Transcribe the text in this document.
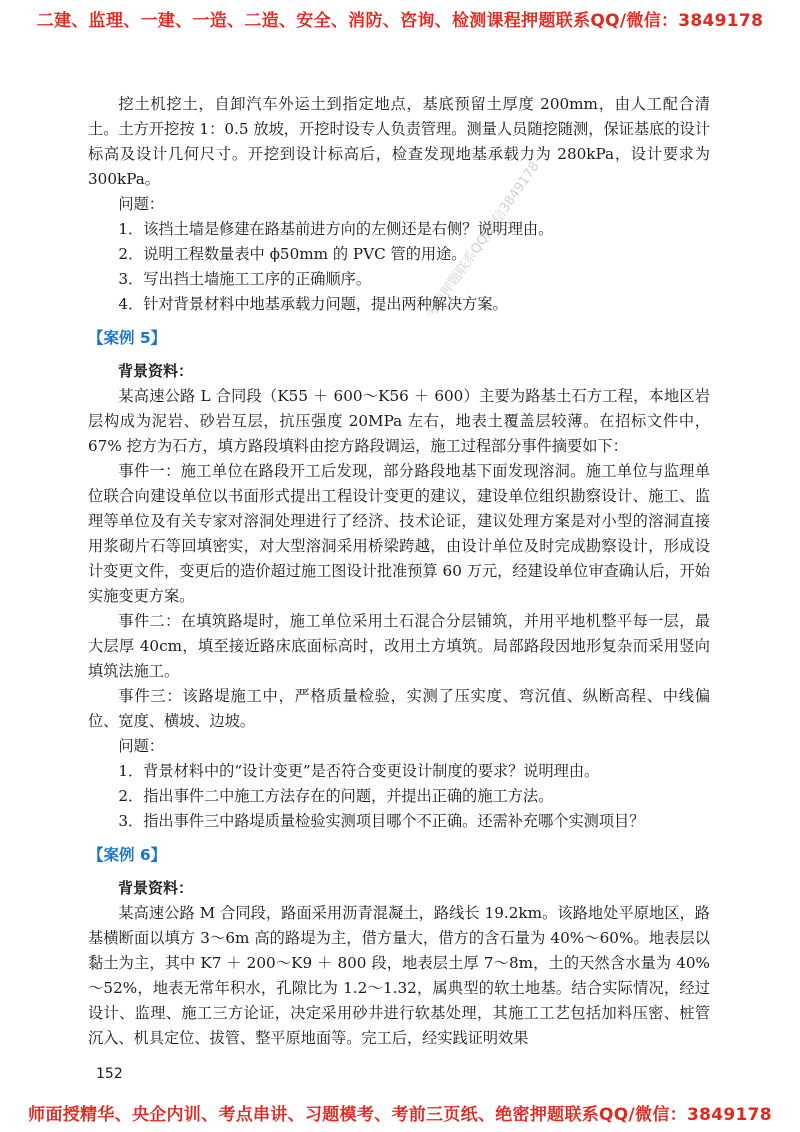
二建、监理、一建、一造、二造、安全、消防、咨询、检测课程押题联系QQ/微信：3849178
考前押题联系QQ/微信3849178

挖土机挖土，自卸汽车外运土到指定地点，基底预留土厚度 200mm，由人工配合清土。土方开挖按 1：0.5 放坡，开挖时设专人负责管理。测量人员随挖随测，保证基底的设计标高及设计几何尺寸。开挖到设计标高后，检查发现地基承载力为 280kPa，设计要求为 300kPa。

问题：

1．该挡土墙是修建在路基前进方向的左侧还是右侧？说明理由。

2．说明工程数量表中 ϕ50mm 的 PVC 管的用途。

3．写出挡土墙施工工序的正确顺序。

4．针对背景材料中地基承载力问题，提出两种解决方案。

【案例 5】

背景资料：

某高速公路 L 合同段（K55 ＋ 600～K56 ＋ 600）主要为路基土石方工程，本地区岩层构成为泥岩、砂岩互层，抗压强度 20MPa 左右，地表土覆盖层较薄。在招标文件中，67% 挖方为石方，填方路段填料由挖方路段调运，施工过程部分事件摘要如下：

事件一：施工单位在路段开工后发现，部分路段地基下面发现溶洞。施工单位与监理单位联合向建设单位以书面形式提出工程设计变更的建议，建设单位组织勘察设计、施工、监理等单位及有关专家对溶洞处理进行了经济、技术论证，建议处理方案是对小型的溶洞直接用浆砌片石等回填密实，对大型溶洞采用桥梁跨越，由设计单位及时完成勘察设计，形成设计变更文件，变更后的造价超过施工图设计批准预算 60 万元，经建设单位审查确认后，开始实施变更方案。

事件二：在填筑路堤时，施工单位采用土石混合分层铺筑，并用平地机整平每一层，最大层厚 40cm，填至接近路床底面标高时，改用土方填筑。局部路段因地形复杂而采用竖向填筑法施工。

事件三：该路堤施工中，严格质量检验，实测了压实度、弯沉值、纵断高程、中线偏位、宽度、横坡、边坡。

问题：

1．背景材料中的“设计变更”是否符合变更设计制度的要求？说明理由。

2．指出事件二中施工方法存在的问题，并提出正确的施工方法。

3．指出事件三中路堤质量检验实测项目哪个不正确。还需补充哪个实测项目？

【案例 6】

背景资料：

某高速公路 M 合同段，路面采用沥青混凝土，路线长 19.2km。该路地处平原地区，路基横断面以填方 3～6m 高的路堤为主，借方量大，借方的含石量为 40%～60%。地表层以黏土为主，其中 K7 ＋ 200～K9 ＋ 800 段，地表层土厚 7～8m，土的天然含水量为 40%～52%，地表无常年积水，孔隙比为 1.2～1.32，属典型的软土地基。结合实际情况，经过设计、监理、施工三方论证，决定采用砂井进行软基处理，其施工工艺包括加料压密、桩管沉入、机具定位、拔管、整平原地面等。完工后，经实践证明效果

152
师面授精华、央企内训、考点串讲、习题模考、考前三页纸、绝密押题联系QQ/微信：3849178
